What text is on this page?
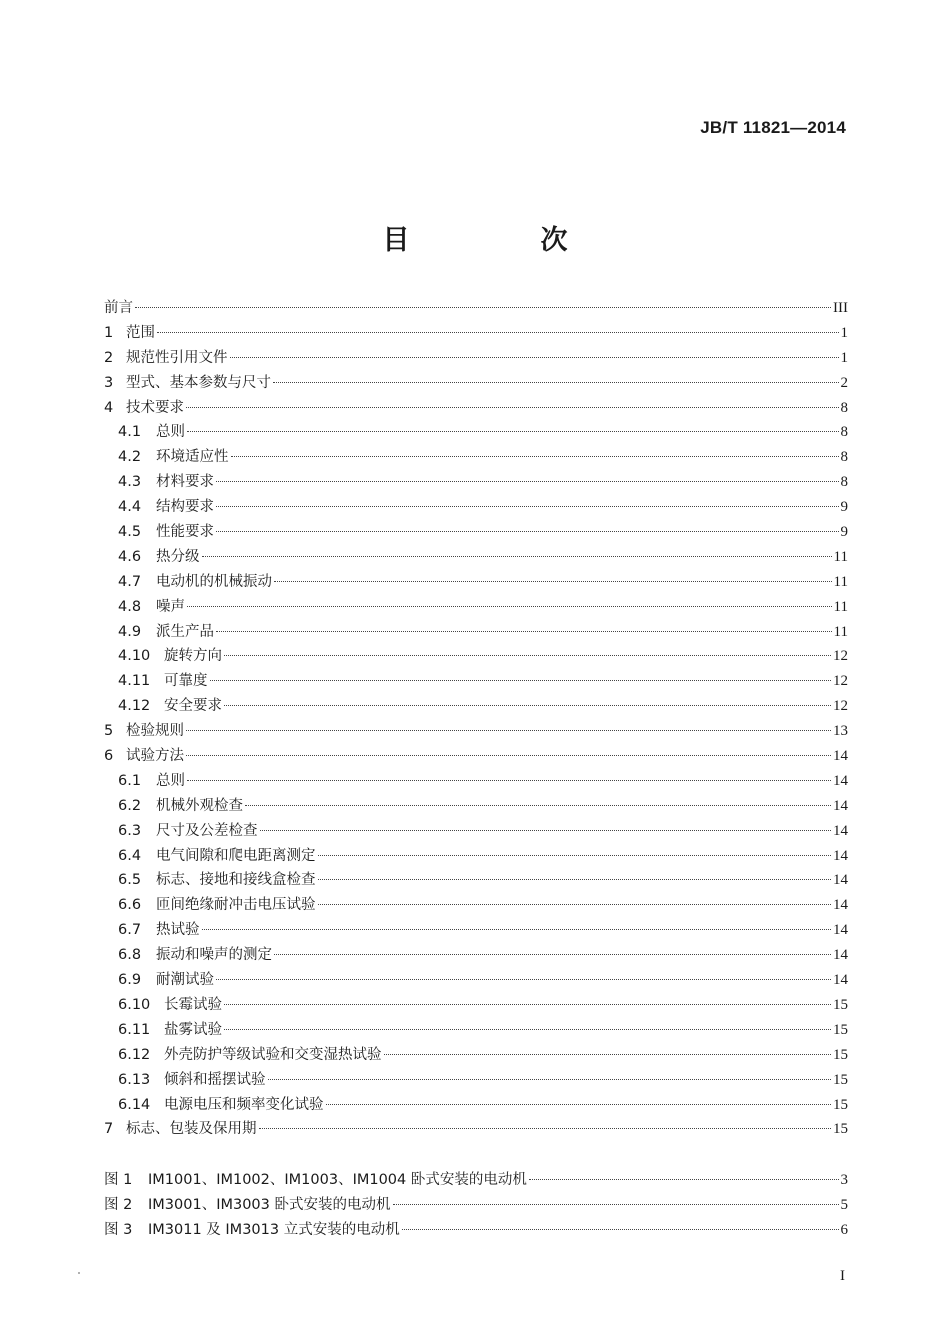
JB/T 11821—2014
目　次
前言	III
1 范围	1
2 规范性引用文件	1
3 型式、基本参数与尺寸	2
4 技术要求	8
4.1	总则	8
4.2	环境适应性	8
4.3	材料要求	8
4.4	结构要求	9
4.5	性能要求	9
4.6	热分级	11
4.7	电动机的机械振动	11
4.8	噪声	11
4.9	派生产品	11
4.10 旋转方向	12
4.11 可靠度	12
4.12 安全要求	12
5 检验规则	13
6 试验方法	14
6.1	总则	14
6.2	机械外观检查	14
6.3	尺寸及公差检查	14
6.4	电气间隙和爬电距离测定	14
6.5	标志、接地和接线盒检查	14
6.6	匝间绝缘耐冲击电压试验	14
6.7	热试验	14
6.8	振动和噪声的测定	14
6.9	耐潮试验	14
6.10 长霉试验	15
6.11 盐雾试验	15
6.12 外壳防护等级试验和交变湿热试验	15
6.13 倾斜和摇摆试验	15
6.14 电源电压和频率变化试验	15
7 标志、包装及保用期	15
图 1	IM1001、IM1002、IM1003、IM1004 卧式安装的电动机	3
图 2	IM3001、IM3003 卧式安装的电动机	5
图 3	IM3011 及 IM3013 立式安装的电动机	6
I
